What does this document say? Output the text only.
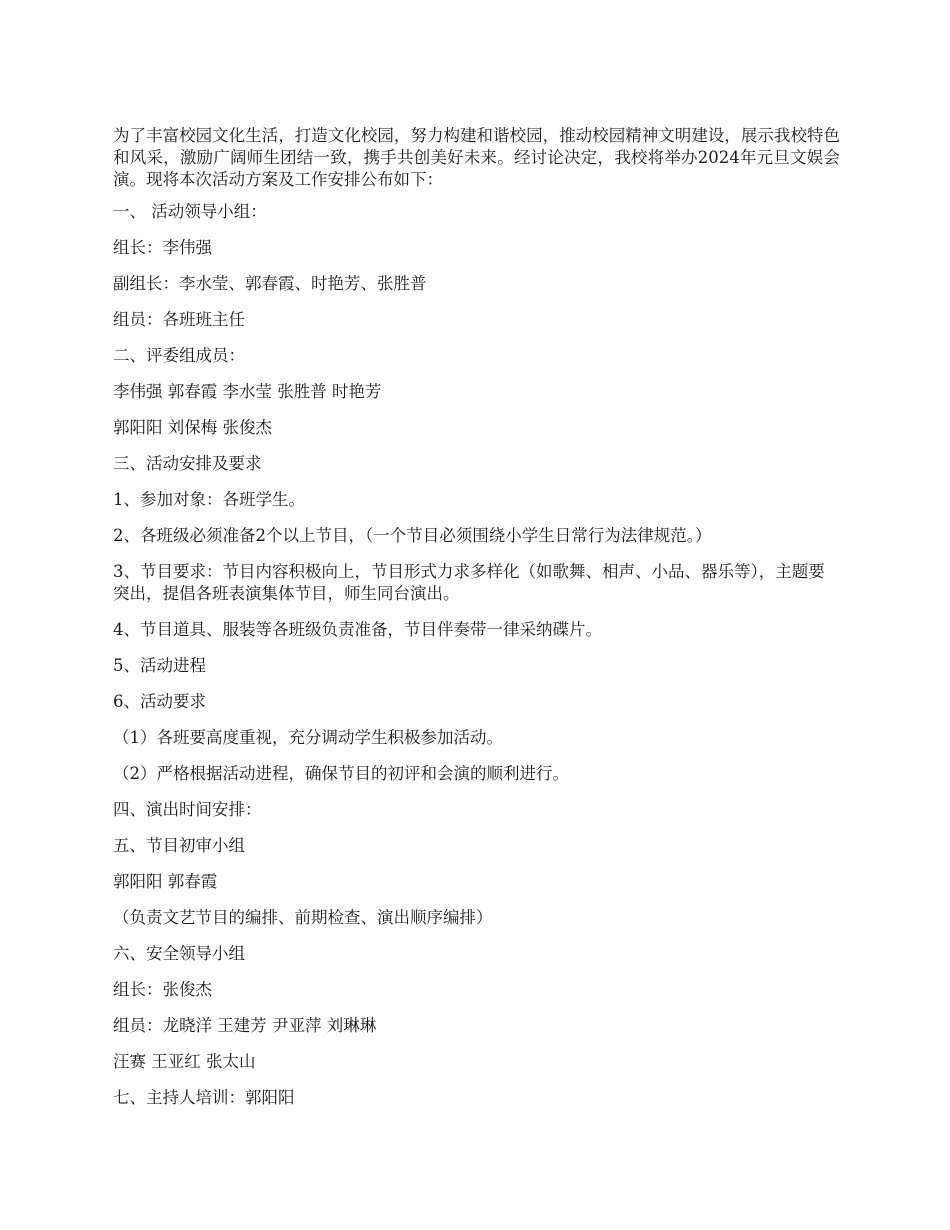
为了丰富校园文化生活，打造文化校园，努力构建和谐校园，推动校园精神文明建设，展示我校特色和风采，激励广阔师生团结一致，携手共创美好未来。经讨论决定，我校将举办2024年元旦文娱会演。现将本次活动方案及工作安排公布如下：

一、 活动领导小组：

组长：李伟强

副组长：李水莹、郭春霞、时艳芳、张胜普

组员：各班班主任

二、评委组成员：

李伟强 郭春霞 李水莹 张胜普 时艳芳

郭阳阳 刘保梅 张俊杰

三、活动安排及要求

1、参加对象：各班学生。

2、各班级必须准备2个以上节目，（一个节目必须围绕小学生日常行为法律规范。）

3、节目要求：节目内容积极向上，节目形式力求多样化（如歌舞、相声、小品、器乐等），主题要突出，提倡各班表演集体节目，师生同台演出。

4、节目道具、服装等各班级负责准备，节目伴奏带一律采纳碟片。

5、活动进程

6、活动要求

（1）各班要高度重视，充分调动学生积极参加活动。

（2）严格根据活动进程，确保节目的初评和会演的顺利进行。

四、演出时间安排：

五、节目初审小组

郭阳阳 郭春霞

（负责文艺节目的编排、前期检查、演出顺序编排）

六、安全领导小组

组长：张俊杰

组员：龙晓洋 王建芳 尹亚萍 刘琳琳

汪赛 王亚红 张太山

七、主持人培训：郭阳阳
